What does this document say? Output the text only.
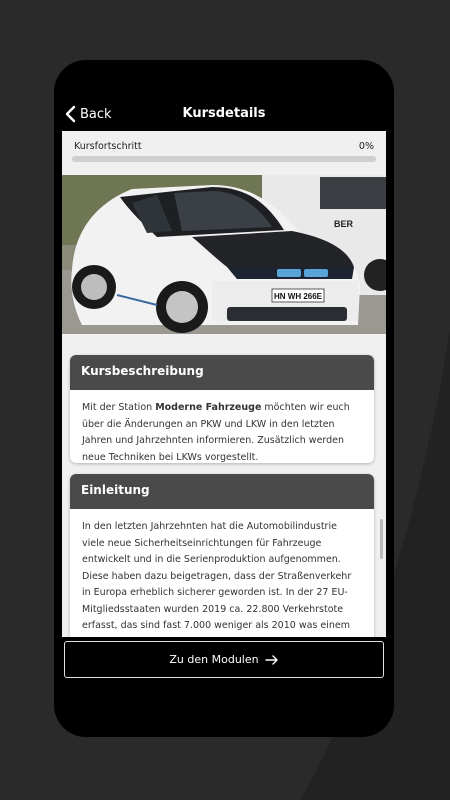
Back	Kursdetails
Kursfortschritt	0%
BER
HN WH 266E
Kursbeschreibung
Mit der Station Moderne Fahrzeuge möchten wir euch über die Änderungen an PKW und LKW in den letzten Jahren und Jahrzehnten informieren. Zusätzlich werden neue Techniken bei LKWs vorgestellt.
Einleitung
In den letzten Jahrzehnten hat die Automobilindustrie viele neue Sicherheitseinrichtungen für Fahrzeuge entwickelt und in die Serienproduktion aufgenommen. Diese haben dazu beigetragen, dass der Straßenverkehr in Europa erheblich sicherer geworden ist. In der 27 EU-Mitgliedsstaaten wurden 2019 ca. 22.800 Verkehrstote erfasst, das sind fast 7.000 weniger als 2010 was einem
Zu den Modulen
